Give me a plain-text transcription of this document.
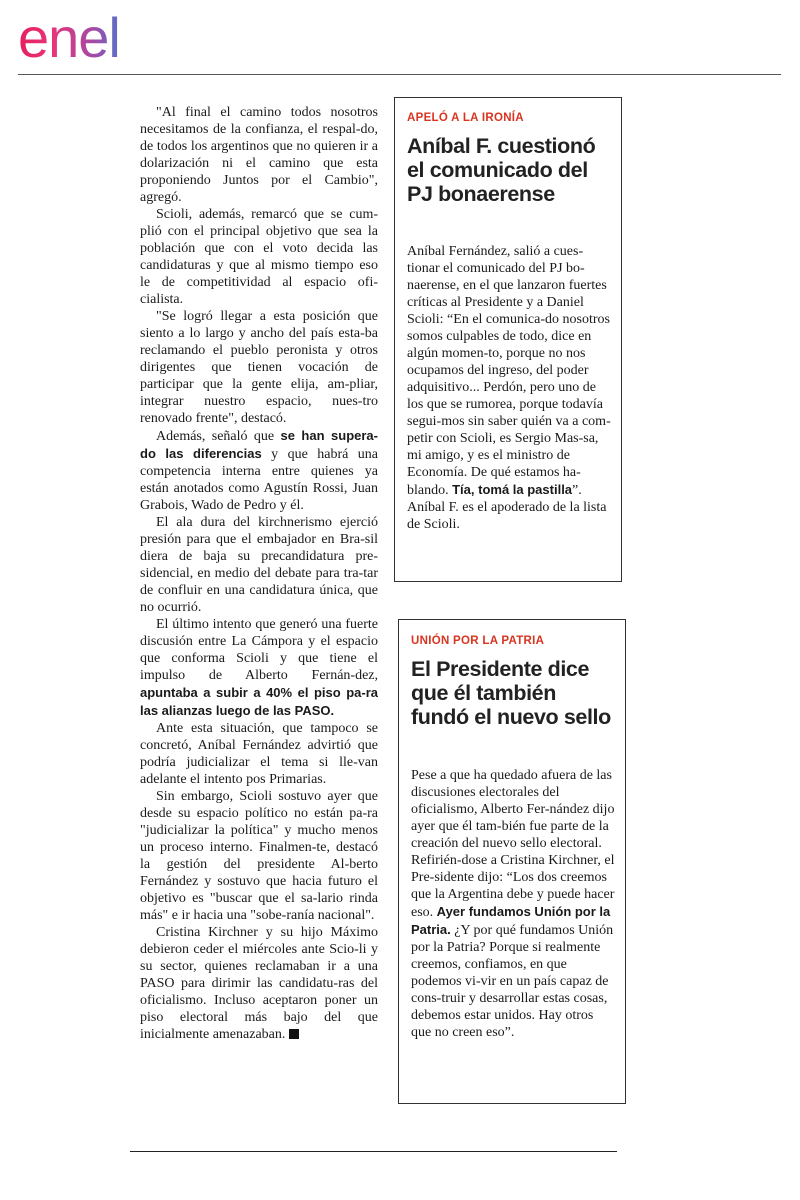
enel

"Al final el camino todos nosotros necesitamos de la confianza, el respal-do, de todos los argentinos que no quieren ir a dolarización ni el camino que esta proponiendo Juntos por el Cambio", agregó.

Scioli, además, remarcó que se cum-plió con el principal objetivo que sea la población que con el voto decida las candidaturas y que al mismo tiempo eso le de competitividad al espacio ofi-cialista.

"Se logró llegar a esta posición que siento a lo largo y ancho del país esta-ba reclamando el pueblo peronista y otros dirigentes que tienen vocación de participar que la gente elija, am-pliar, integrar nuestro espacio, nues-tro renovado frente", destacó.

Además, señaló que se han supera-do las diferencias y que habrá una competencia interna entre quienes ya están anotados como Agustín Rossi, Juan Grabois, Wado de Pedro y él.

El ala dura del kirchnerismo ejerció presión para que el embajador en Bra-sil diera de baja su precandidatura pre-sidencial, en medio del debate para tra-tar de confluir en una candidatura única, que no ocurrió.

El último intento que generó una fuerte discusión entre La Cámpora y el espacio que conforma Scioli y que tiene el impulso de Alberto Fernán-dez, apuntaba a subir a 40% el piso pa-ra las alianzas luego de las PASO.

Ante esta situación, que tampoco se concretó, Aníbal Fernández advirtió que podría judicializar el tema si lle-van adelante el intento pos Primarias.

Sin embargo, Scioli sostuvo ayer que desde su espacio político no están pa-ra "judicializar la política" y mucho menos un proceso interno. Finalmen-te, destacó la gestión del presidente Al-berto Fernández y sostuvo que hacia futuro el objetivo es "buscar que el sa-lario rinda más" e ir hacia una "sobe-ranía nacional".

Cristina Kirchner y su hijo Máximo debieron ceder el miércoles ante Scio-li y su sector, quienes reclamaban ir a una PASO para dirimir las candidatu-ras del oficialismo. Incluso aceptaron poner un piso electoral más bajo del que inicialmente amenazaban.

APELÓ A LA IRONÍA
Aníbal F. cuestionó el comunicado del PJ bonaerense

Aníbal Fernández, salió a cues-tionar el comunicado del PJ bo-naerense, en el que lanzaron fuertes críticas al Presidente y a Daniel Scioli: “En el comunica-do nosotros somos culpables de todo, dice en algún momen-to, porque no nos ocupamos del ingreso, del poder adquisitivo... Perdón, pero uno de los que se rumorea, porque todavía segui-mos sin saber quién va a com-petir con Scioli, es Sergio Mas-sa, mi amigo, y es el ministro de Economía. De qué estamos ha-blando. Tía, tomá la pastilla”. Aníbal F. es el apoderado de la lista de Scioli.

UNIÓN POR LA PATRIA
El Presidente dice que él también fundó el nuevo sello

Pese a que ha quedado afuera de las discusiones electorales del oficialismo, Alberto Fer-nández dijo ayer que él tam-bién fue parte de la creación del nuevo sello electoral. Refirién-dose a Cristina Kirchner, el Pre-sidente dijo: “Los dos creemos que la Argentina debe y puede hacer eso. Ayer fundamos Unión por la Patria. ¿Y por qué fundamos Unión por la Patria? Porque si realmente creemos, confiamos, en que podemos vi-vir en un país capaz de cons-truir y desarrollar estas cosas, debemos estar unidos. Hay otros que no creen eso”.
